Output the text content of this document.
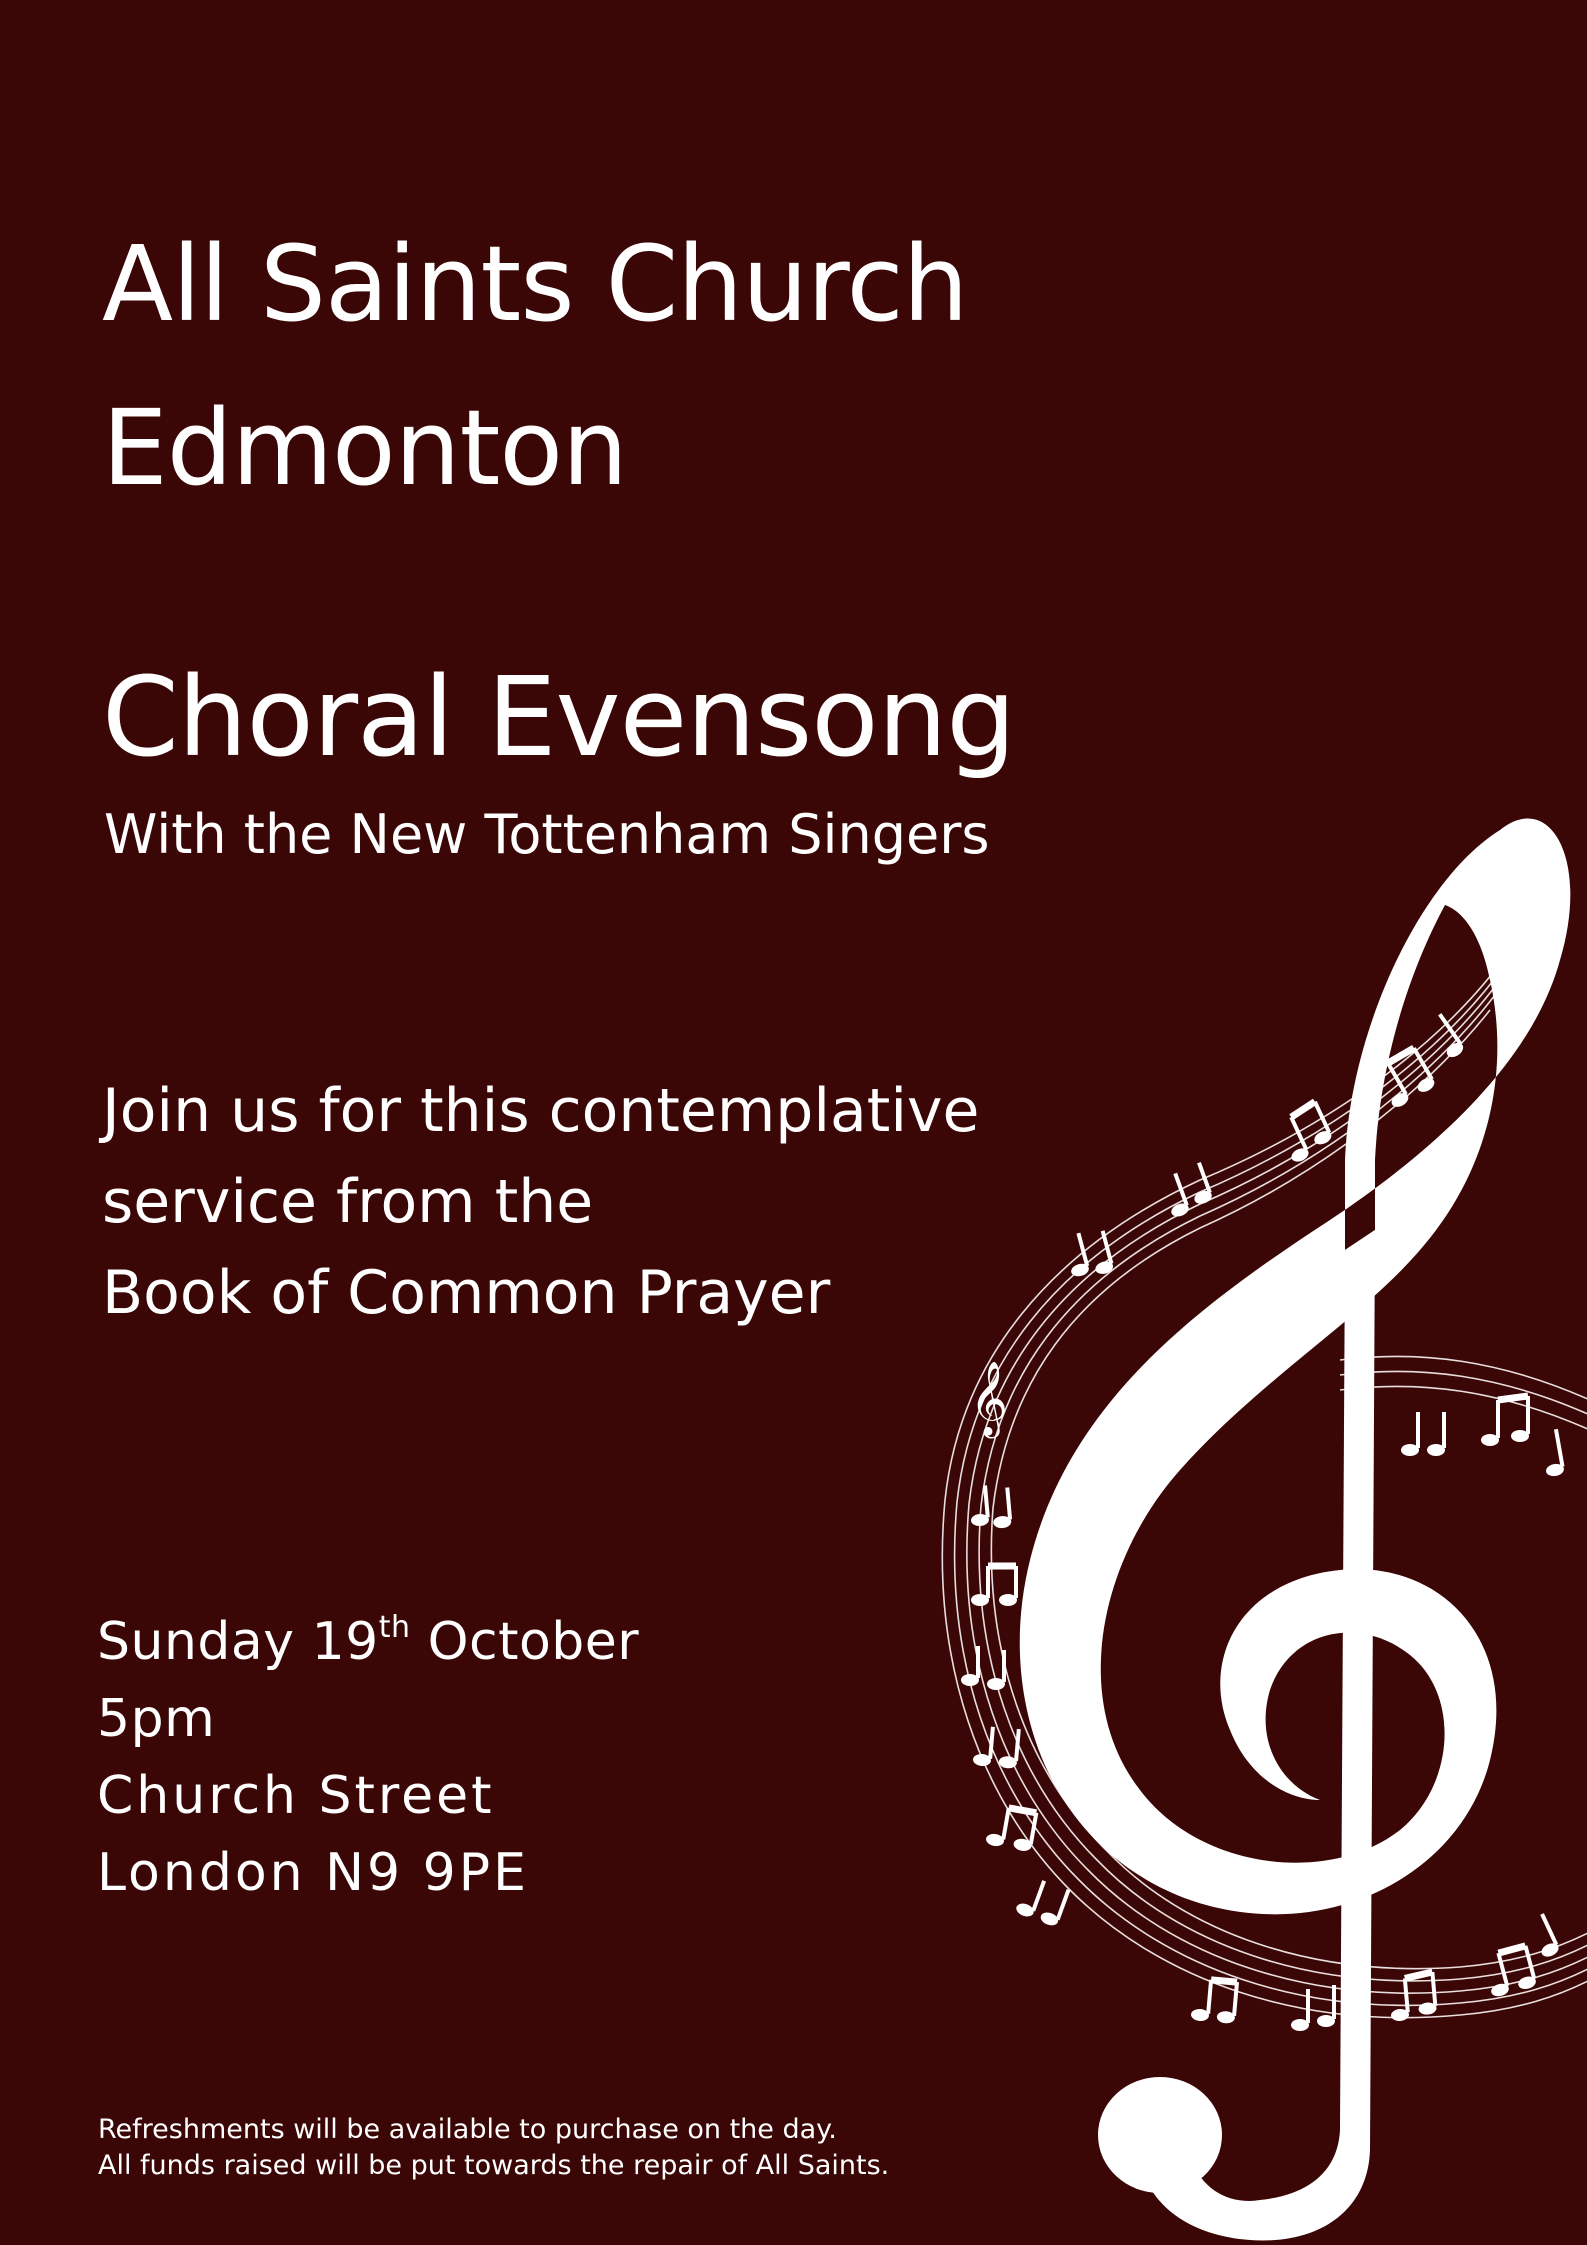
All Saints Church
Edmonton
Choral Evensong
With the New Tottenham Singers
Join us for this contemplative
service from the
Book of Common Prayer
Sunday 19th October
5pm
Church Street
London N9 9PE
Refreshments will be available to purchase on the day.
All funds raised will be put towards the repair of All Saints.
𝄞
